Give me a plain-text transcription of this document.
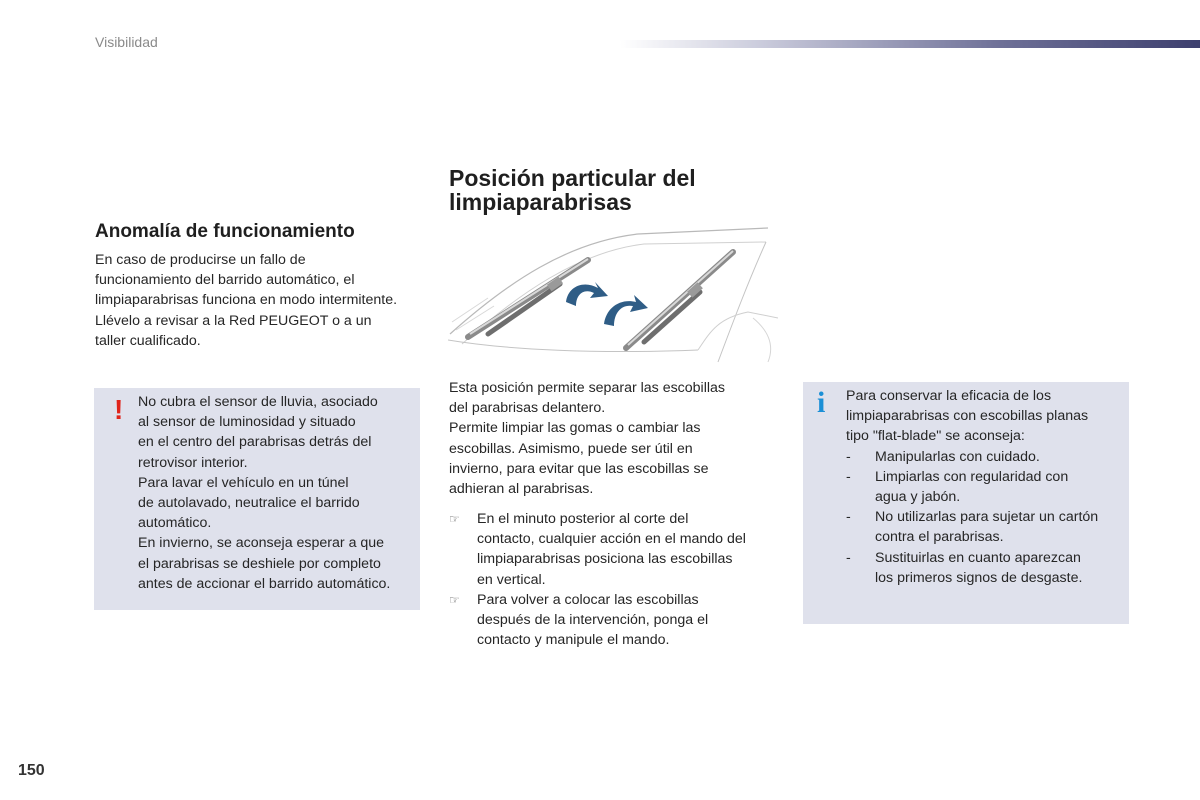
Visibilidad
Anomalía de funcionamiento
En caso de producirse un fallo de
funcionamiento del barrido automático, el
limpiaparabrisas funciona en modo intermitente.
Llévelo a revisar a la Red PEUGEOT o a un
taller cualificado.
! No cubra el sensor de lluvia, asociado
al sensor de luminosidad y situado
en el centro del parabrisas detrás del
retrovisor interior.
Para lavar el vehículo en un túnel
de autolavado, neutralice el barrido
automático.
En invierno, se aconseja esperar a que
el parabrisas se deshiele por completo
antes de accionar el barrido automático.
Posición particular del
limpiaparabrisas
Esta posición permite separar las escobillas
del parabrisas delantero.
Permite limpiar las gomas o cambiar las
escobillas. Asimismo, puede ser útil en
invierno, para evitar que las escobillas se
adhieran al parabrisas.
☞ En el minuto posterior al corte del
contacto, cualquier acción en el mando del
limpiaparabrisas posiciona las escobillas
en vertical.
☞ Para volver a colocar las escobillas
después de la intervención, ponga el
contacto y manipule el mando.
i Para conservar la eficacia de los
limpiaparabrisas con escobillas planas
tipo "flat-blade" se aconseja:
- Manipularlas con cuidado.
- Limpiarlas con regularidad con
agua y jabón.
- No utilizarlas para sujetar un cartón
contra el parabrisas.
- Sustituirlas en cuanto aparezcan
los primeros signos de desgaste.
150
